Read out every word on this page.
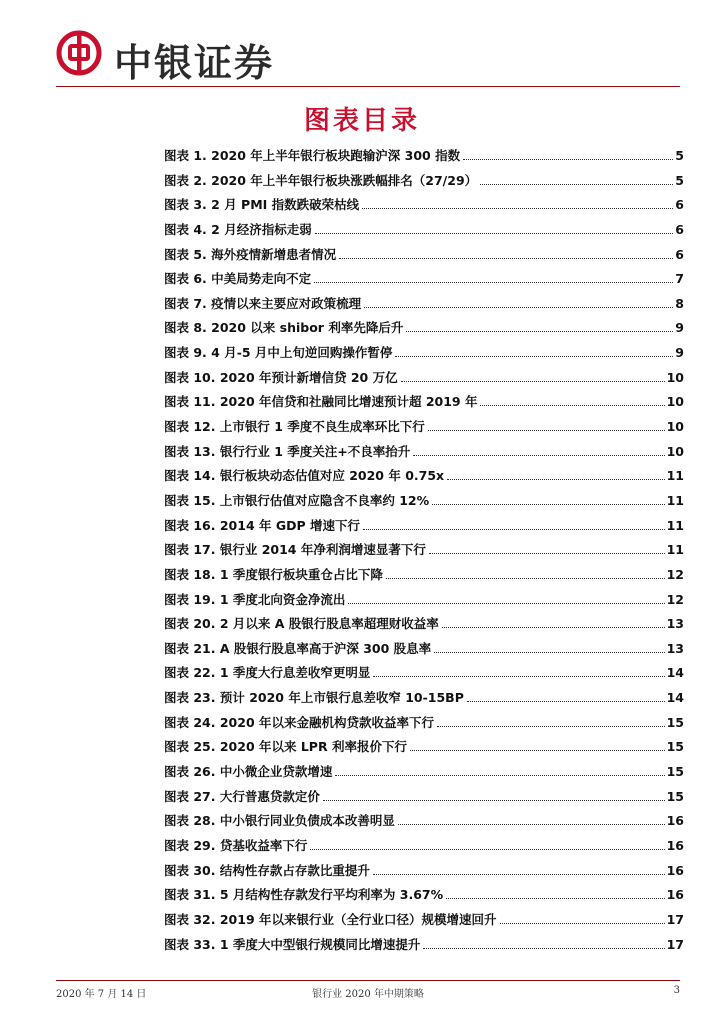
中银证券
图表目录
图表 1. 2020 年上半年银行板块跑输沪深 300 指数	5
图表 2. 2020 年上半年银行板块涨跌幅排名（27/29）	5
图表 3. 2 月 PMI 指数跌破荣枯线	6
图表 4. 2 月经济指标走弱	6
图表 5. 海外疫情新增患者情况	6
图表 6. 中美局势走向不定	7
图表 7. 疫情以来主要应对政策梳理	8
图表 8. 2020 以来 shibor 利率先降后升	9
图表 9. 4 月-5 月中上旬逆回购操作暂停	9
图表 10. 2020 年预计新增信贷 20 万亿	10
图表 11. 2020 年信贷和社融同比增速预计超 2019 年	10
图表 12. 上市银行 1 季度不良生成率环比下行	10
图表 13. 银行行业 1 季度关注+不良率抬升	10
图表 14. 银行板块动态估值对应 2020 年 0.75x	11
图表 15. 上市银行估值对应隐含不良率约 12%	11
图表 16. 2014 年 GDP 增速下行	11
图表 17. 银行业 2014 年净利润增速显著下行	11
图表 18. 1 季度银行板块重仓占比下降	12
图表 19. 1 季度北向资金净流出	12
图表 20. 2 月以来 A 股银行股息率超理财收益率	13
图表 21. A 股银行股息率高于沪深 300 股息率	13
图表 22. 1 季度大行息差收窄更明显	14
图表 23. 预计 2020 年上市银行息差收窄 10-15BP	14
图表 24. 2020 年以来金融机构贷款收益率下行	15
图表 25. 2020 年以来 LPR 利率报价下行	15
图表 26. 中小微企业贷款增速	15
图表 27. 大行普惠贷款定价	15
图表 28. 中小银行同业负债成本改善明显	16
图表 29. 贷基收益率下行	16
图表 30. 结构性存款占存款比重提升	16
图表 31. 5 月结构性存款发行平均利率为 3.67%	16
图表 32. 2019 年以来银行业（全行业口径）规模增速回升	17
图表 33. 1 季度大中型银行规模同比增速提升	17
2020 年 7 月 14 日	银行业 2020 年中期策略	3
